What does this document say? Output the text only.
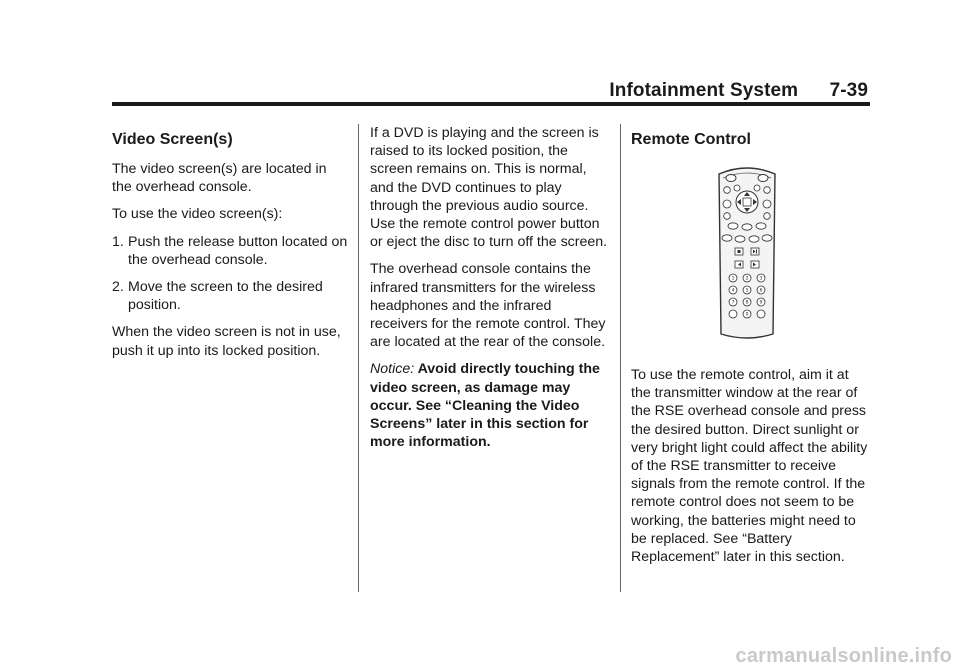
Infotainment System 7-39
Video Screen(s)

The video screen(s) are located in the overhead console.

To use the video screen(s):

1. Push the release button located on the overhead console.
2. Move the screen to the desired position.

When the video screen is not in use, push it up into its locked position.

If a DVD is playing and the screen is raised to its locked position, the screen remains on. This is normal, and the DVD continues to play through the previous audio source. Use the remote control power button or eject the disc to turn off the screen.

The overhead console contains the infrared transmitters for the wireless headphones and the infrared receivers for the remote control. They are located at the rear of the console.

Notice: Avoid directly touching the video screen, as damage may occur. See “Cleaning the Video Screens” later in this section for more information.

Remote Control
1 2 3
4 5 6
7 8 9
0

To use the remote control, aim it at the transmitter window at the rear of the RSE overhead console and press the desired button. Direct sunlight or very bright light could affect the ability of the RSE transmitter to receive signals from the remote control. If the remote control does not seem to be working, the batteries might need to be replaced. See “Battery Replacement” later in this section.

carmanualsonline.info
